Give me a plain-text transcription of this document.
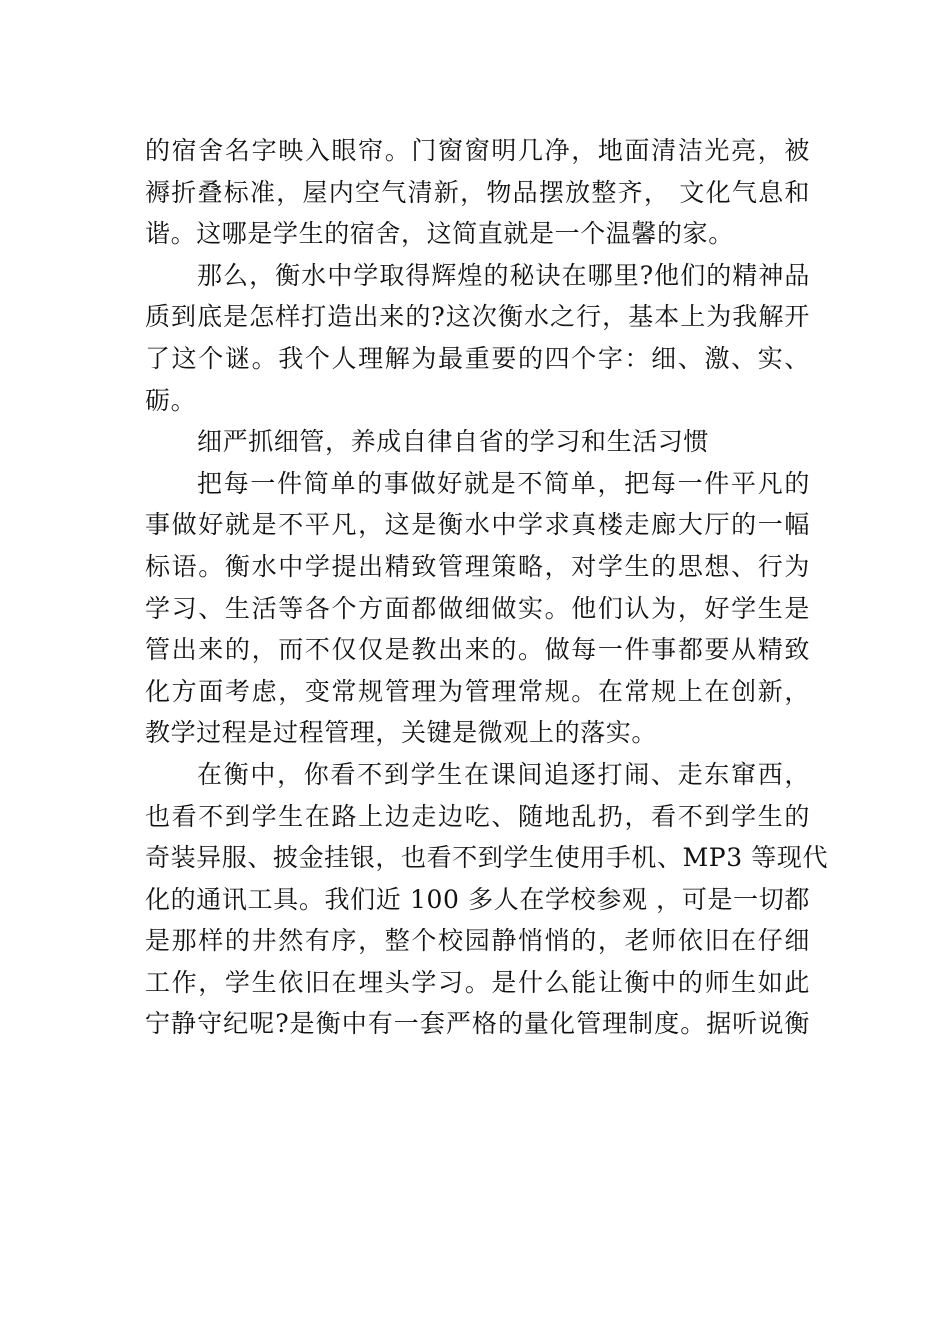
的宿舍名字映入眼帘。门窗窗明几净，地面清洁光亮，被
褥折叠标准，屋内空气清新，物品摆放整齐， 文化气息和
谐。这哪是学生的宿舍，这简直就是一个温馨的家。
那么，衡水中学取得辉煌的秘诀在哪里?他们的精神品
质到底是怎样打造出来的?这次衡水之行，基本上为我解开
了这个谜。我个人理解为最重要的四个字：细、激、实、
砺。
细严抓细管，养成自律自省的学习和生活习惯
把每一件简单的事做好就是不简单，把每一件平凡的
事做好就是不平凡，这是衡水中学求真楼走廊大厅的一幅
标语。衡水中学提出精致管理策略，对学生的思想、行为
学习、生活等各个方面都做细做实。他们认为，好学生是
管出来的，而不仅仅是教出来的。做每一件事都要从精致
化方面考虑，变常规管理为管理常规。在常规上在创新，
教学过程是过程管理，关键是微观上的落实。
在衡中，你看不到学生在课间追逐打闹、走东窜西，
也看不到学生在路上边走边吃、随地乱扔，看不到学生的
奇装异服、披金挂银，也看不到学生使用手机、MP3 等现代
化的通讯工具。我们近 100 多人在学校参观 ，可是一切都
是那样的井然有序，整个校园静悄悄的，老师依旧在仔细
工作，学生依旧在埋头学习。是什么能让衡中的师生如此
宁静守纪呢?是衡中有一套严格的量化管理制度。据听说衡
